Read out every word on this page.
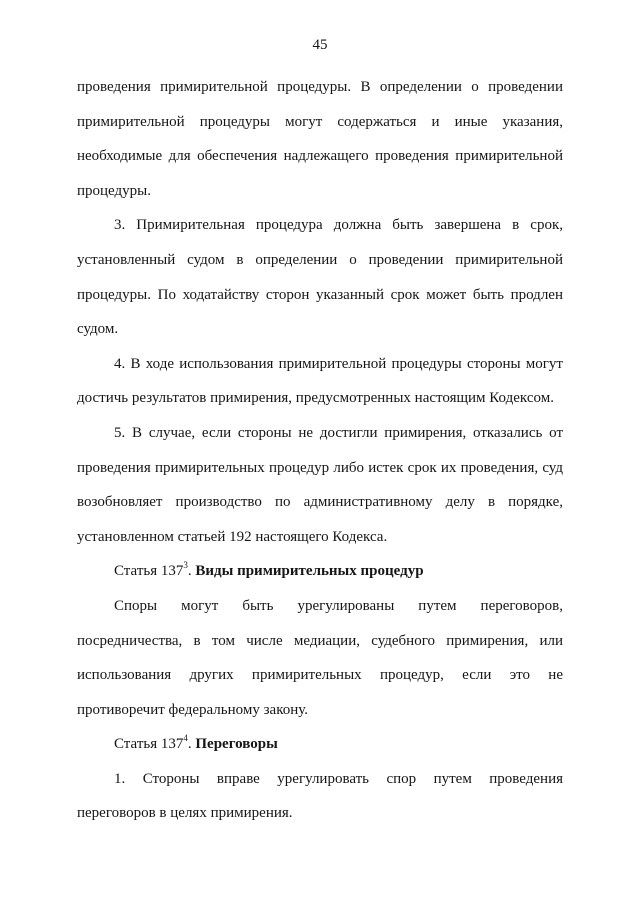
45

проведения примирительной процедуры. В определении о проведении примирительной процедуры могут содержаться и иные указания, необходимые для обеспечения надлежащего проведения примирительной процедуры.

3. Примирительная процедура должна быть завершена в срок, установленный судом в определении о проведении примирительной процедуры. По ходатайству сторон указанный срок может быть продлен судом.

4. В ходе использования примирительной процедуры стороны могут достичь результатов примирения, предусмотренных настоящим Кодексом.

5. В случае, если стороны не достигли примирения, отказались от проведения примирительных процедур либо истек срок их проведения, суд возобновляет производство по административному делу в порядке, установленном статьей 192 настоящего Кодекса.

Статья $137^3$. Виды примирительных процедур

Споры могут быть урегулированы путем переговоров, посредничества, в том числе медиации, судебного примирения, или использования других примирительных процедур, если это не противоречит федеральному закону.

Статья $137^4$. Переговоры

1. Стороны вправе урегулировать спор путем проведения переговоров в целях примирения.
